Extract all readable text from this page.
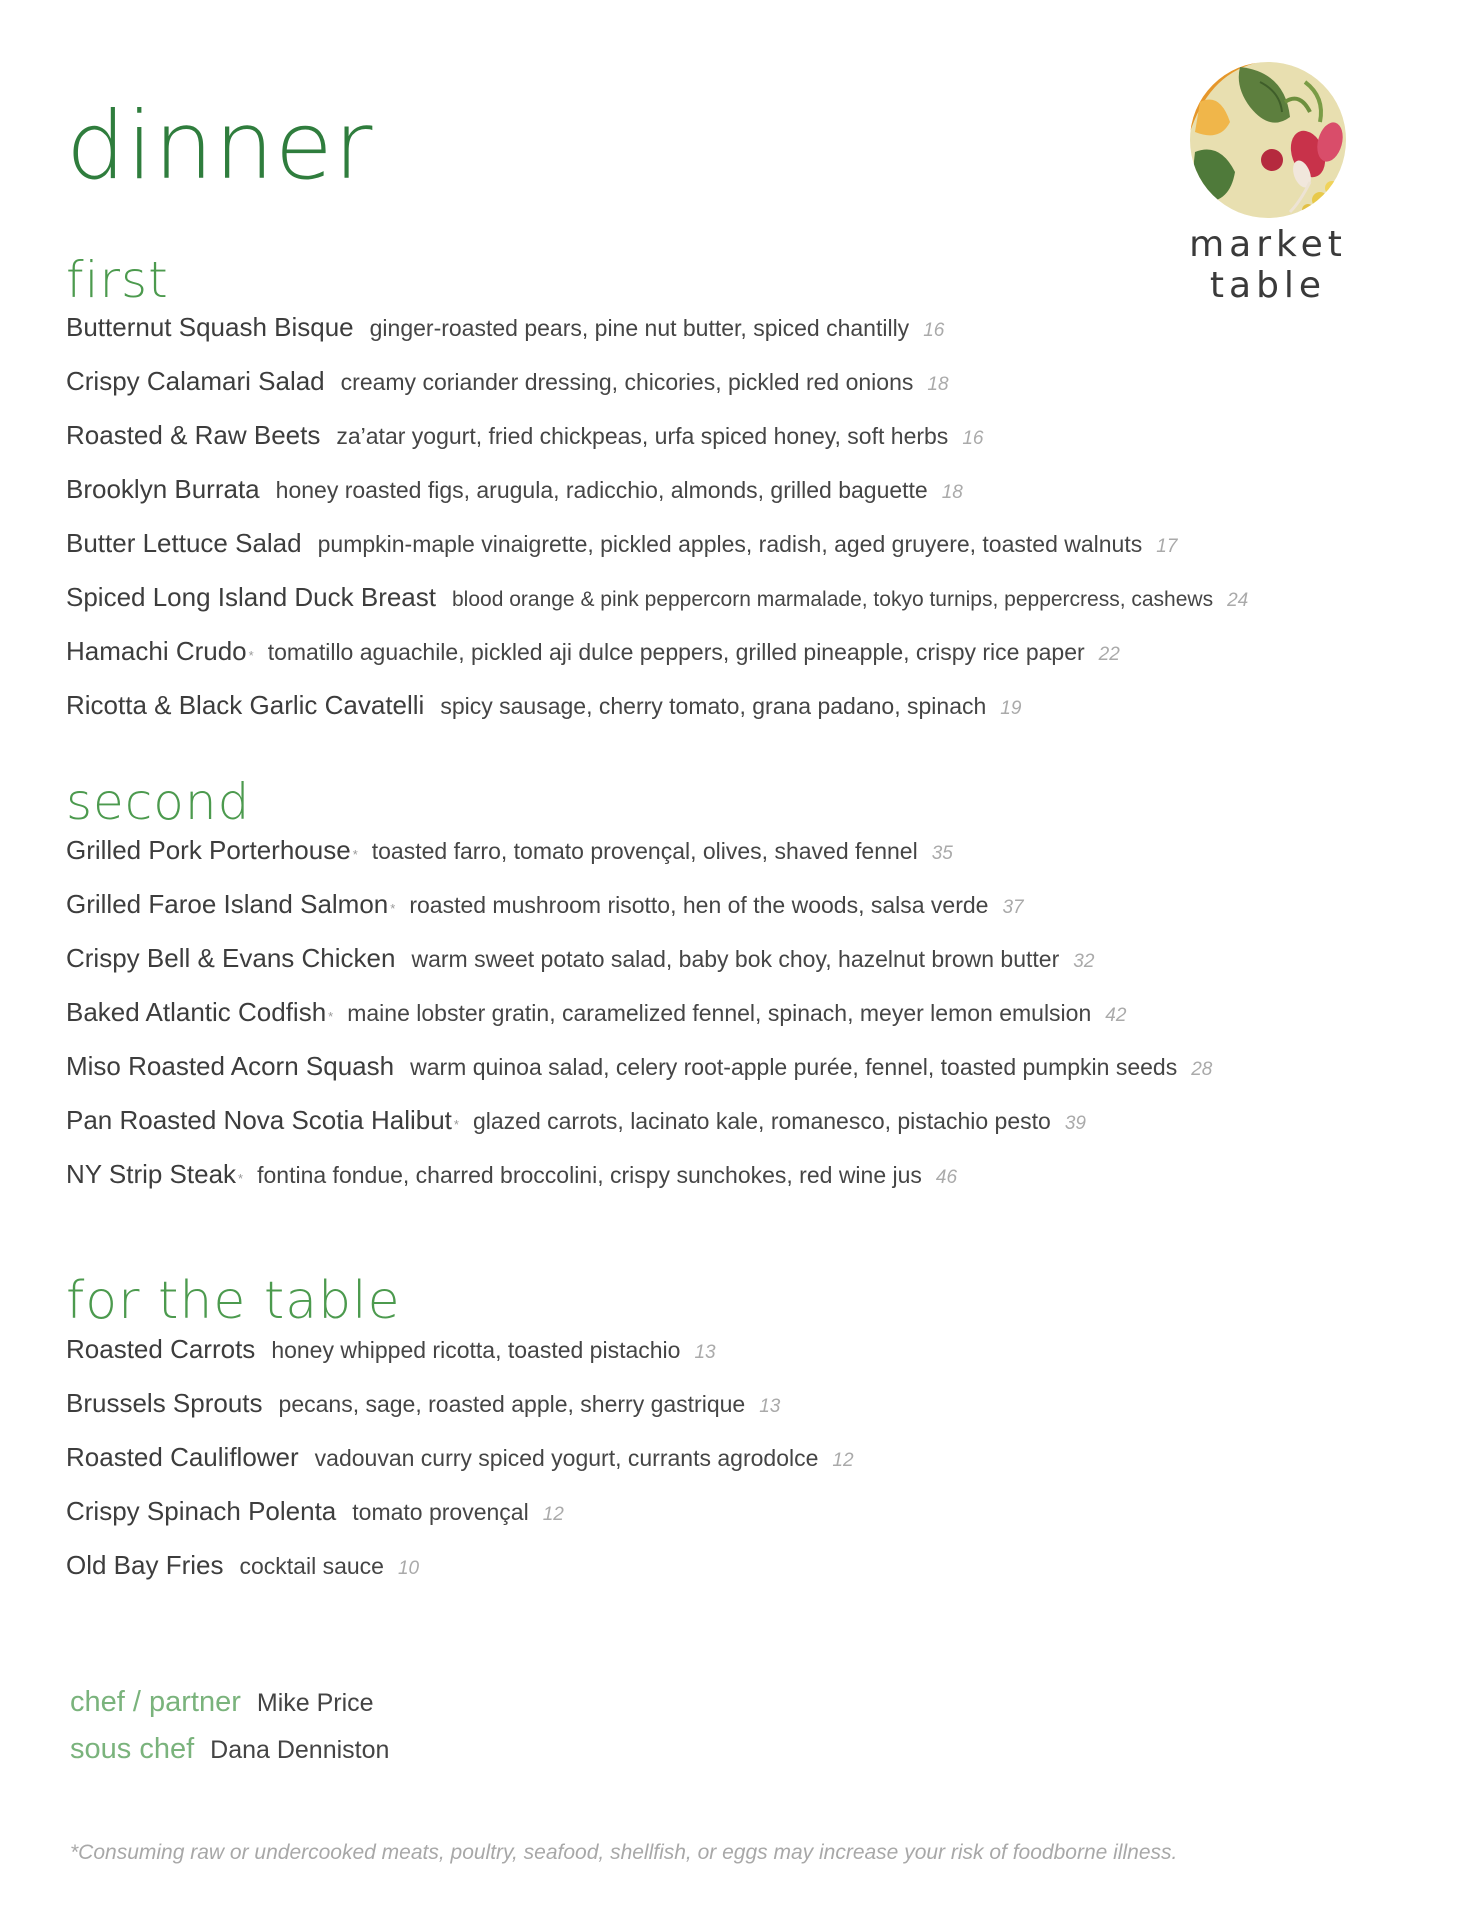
dinner
market table
first
Butternut Squash Bisque ginger-roasted pears, pine nut butter, spiced chantilly 16
Crispy Calamari Salad creamy coriander dressing, chicories, pickled red onions 18
Roasted & Raw Beets za’atar yogurt, fried chickpeas, urfa spiced honey, soft herbs 16
Brooklyn Burrata honey roasted figs, arugula, radicchio, almonds, grilled baguette 18
Butter Lettuce Salad pumpkin-maple vinaigrette, pickled apples, radish, aged gruyere, toasted walnuts 17
Spiced Long Island Duck Breast blood orange & pink peppercorn marmalade, tokyo turnips, peppercress, cashews 24
Hamachi Crudo * tomatillo aguachile, pickled aji dulce peppers, grilled pineapple, crispy rice paper 22
Ricotta & Black Garlic Cavatelli spicy sausage, cherry tomato, grana padano, spinach 19
second
Grilled Pork Porterhouse * toasted farro, tomato provençal, olives, shaved fennel 35
Grilled Faroe Island Salmon * roasted mushroom risotto, hen of the woods, salsa verde 37
Crispy Bell & Evans Chicken warm sweet potato salad, baby bok choy, hazelnut brown butter 32
Baked Atlantic Codfish * maine lobster gratin, caramelized fennel, spinach, meyer lemon emulsion 42
Miso Roasted Acorn Squash warm quinoa salad, celery root-apple purée, fennel, toasted pumpkin seeds 28
Pan Roasted Nova Scotia Halibut * glazed carrots, lacinato kale, romanesco, pistachio pesto 39
NY Strip Steak * fontina fondue, charred broccolini, crispy sunchokes, red wine jus 46
for the table
Roasted Carrots honey whipped ricotta, toasted pistachio 13
Brussels Sprouts pecans, sage, roasted apple, sherry gastrique 13
Roasted Cauliflower vadouvan curry spiced yogurt, currants agrodolce 12
Crispy Spinach Polenta tomato provençal 12
Old Bay Fries cocktail sauce 10
chef / partner Mike Price
sous chef Dana Denniston

*Consuming raw or undercooked meats, poultry, seafood, shellfish, or eggs may increase your risk of foodborne illness.
